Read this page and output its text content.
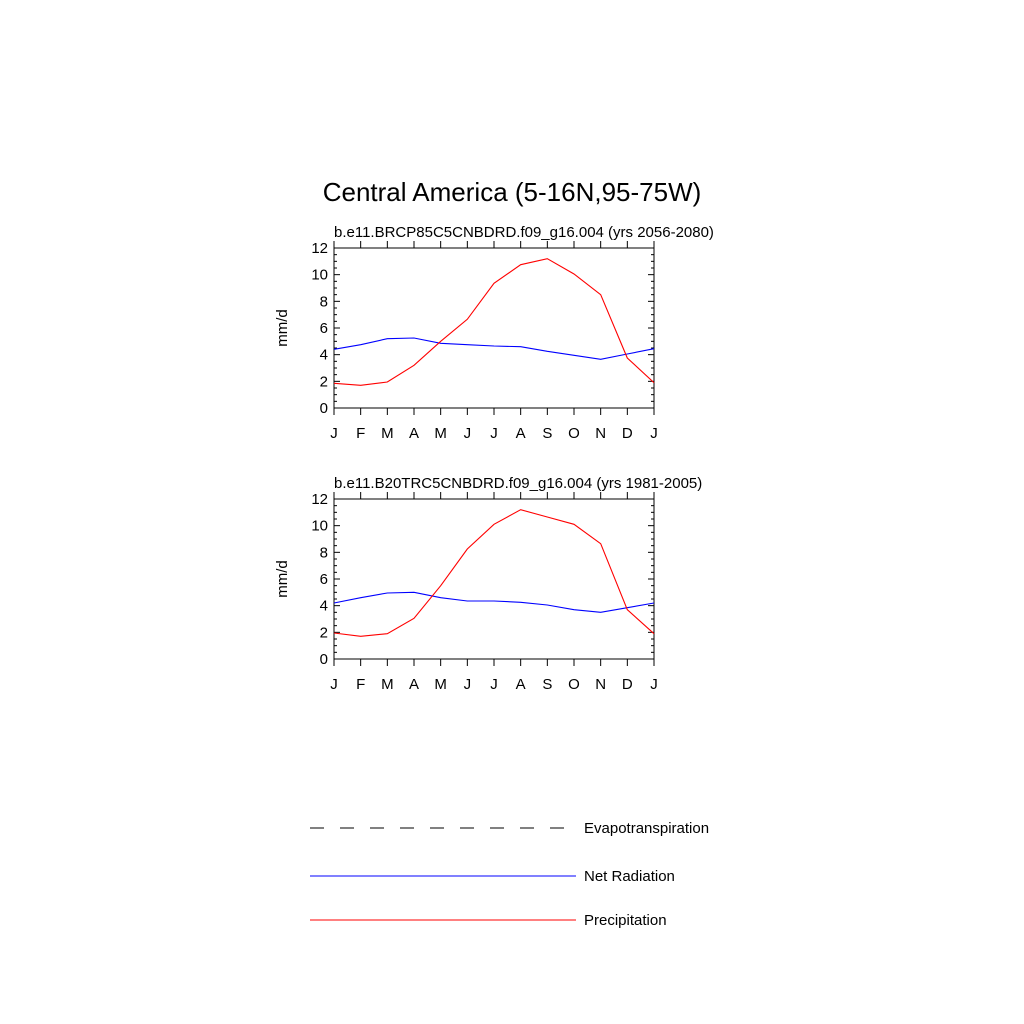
Central America (5-16N,95-75W)
b.e11.BRCP85C5CNBDRD.f09_g16.004 (yrs 2056-2080)
mm/d
0
2
4
6
8
10
12
J F M A M J J A S O N D J
b.e11.B20TRC5CNBDRD.f09_g16.004 (yrs 1981-2005)
mm/d
0
2
4
6
8
10
12
J F M A M J J A S O N D J
Evapotranspiration
Net Radiation
Precipitation
